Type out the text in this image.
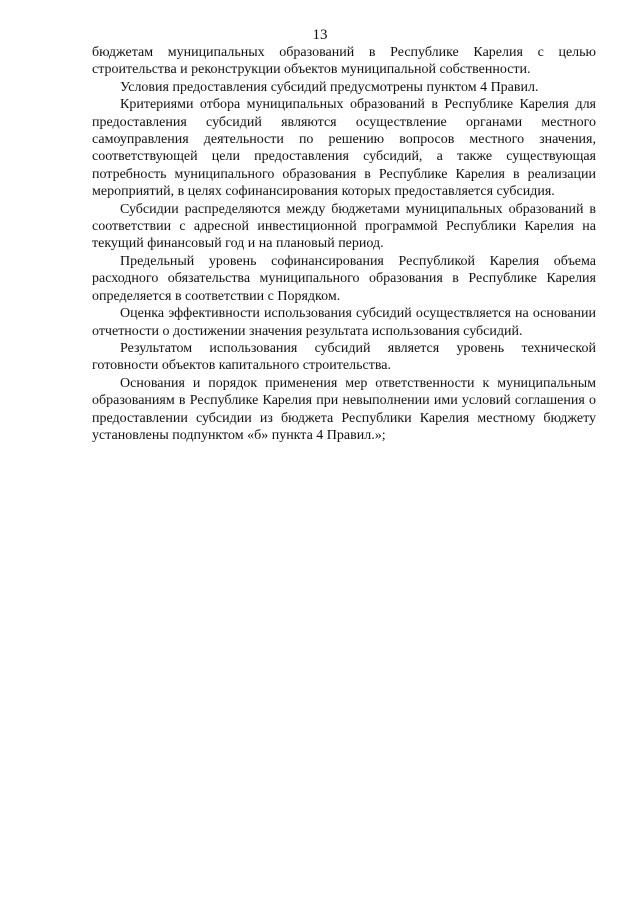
13

бюджетам муниципальных образований в Республике Карелия с целью строительства и реконструкции объектов муниципальной собственности.

Условия предоставления субсидий предусмотрены пунктом 4 Правил.

Критериями отбора муниципальных образований в Республике Карелия для предоставления субсидий являются осуществление органами местного самоуправления деятельности по решению вопросов местного значения, соответствующей цели предоставления субсидий, а также существующая потребность муниципального образования в Республике Карелия в реализации мероприятий, в целях софинансирования которых предоставляется субсидия.

Субсидии распределяются между бюджетами муниципальных образований в соответствии с адресной инвестиционной программой Республики Карелия на текущий финансовый год и на плановый период.

Предельный уровень софинансирования Республикой Карелия объема расходного обязательства муниципального образования в Республике Карелия определяется в соответствии с Порядком.

Оценка эффективности использования субсидий осуществляется на основании отчетности о достижении значения результата использования субсидий.

Результатом использования субсидий является уровень технической готовности объектов капитального строительства.

Основания и порядок применения мер ответственности к муниципальным образованиям в Республике Карелия при невыполнении ими условий соглашения о предоставлении субсидии из бюджета Республики Карелия местному бюджету установлены подпунктом «б» пункта 4 Правил.»;
